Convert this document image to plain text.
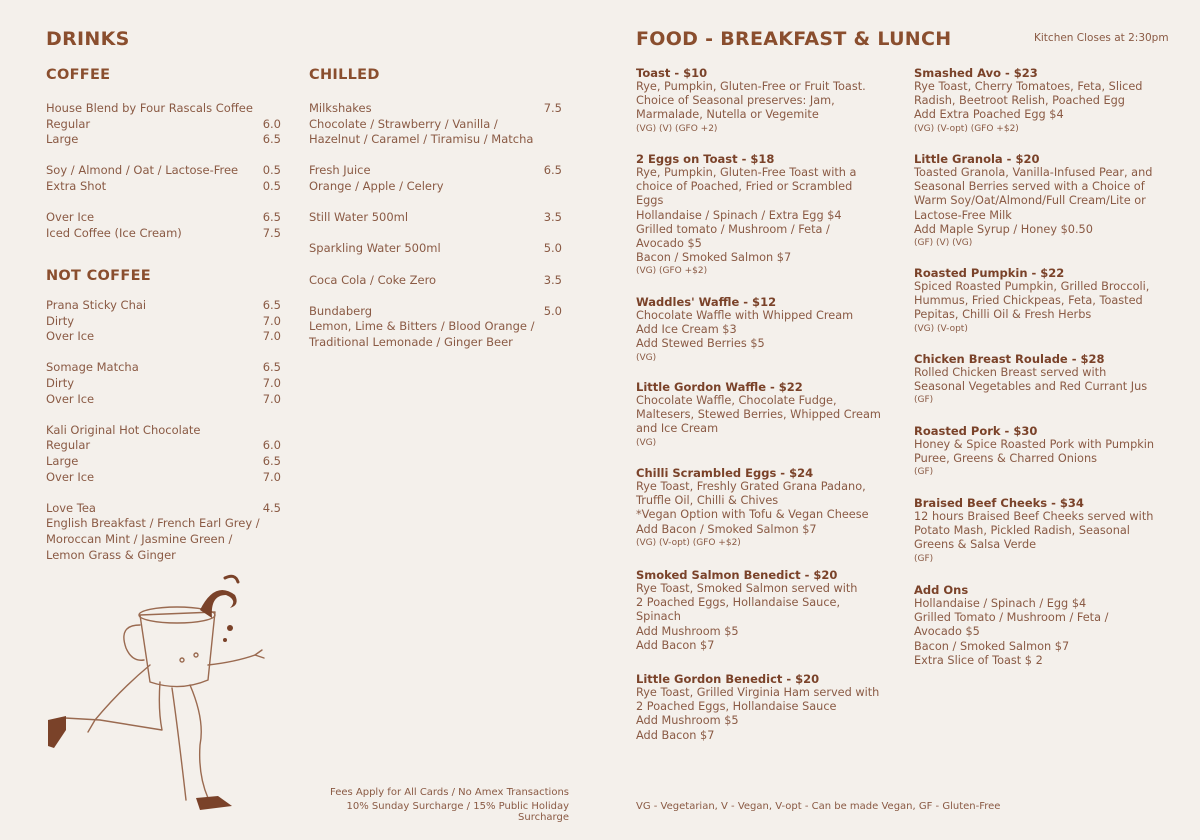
DRINKS
COFFEE
House Blend by Four Rascals Coffee
Regular	6.0
Large	6.5
Soy / Almond / Oat / Lactose-Free 0.5
Extra Shot	0.5
Over Ice	6.5
Iced Coffee (Ice Cream)	7.5
NOT COFFEE
Prana Sticky Chai	6.5
Dirty	7.0
Over Ice	7.0
Somage Matcha	6.5
Dirty	7.0
Over Ice	7.0
Kali Original Hot Chocolate
Regular	6.0
Large	6.5
Over Ice	7.0
Love Tea	4.5
English Breakfast / French Earl Grey /
Moroccan Mint / Jasmine Green /
Lemon Grass & Ginger
CHILLED
Milkshakes	7.5
Chocolate / Strawberry / Vanilla /
Hazelnut / Caramel / Tiramisu / Matcha
Fresh Juice	6.5
Orange / Apple / Celery
Still Water 500ml	3.5
Sparkling Water 500ml	5.0
Coca Cola / Coke Zero	3.5
Bundaberg	5.0
Lemon, Lime & Bitters / Blood Orange /
Traditional Lemonade / Ginger Beer
Fees Apply for All Cards / No Amex Transactions
10% Sunday Surcharge / 15% Public Holiday Surcharge
FOOD - BREAKFAST & LUNCH	Kitchen Closes at 2:30pm
Toast - $10
Rye, Pumpkin, Gluten-Free or Fruit Toast.
Choice of Seasonal preserves: Jam,
Marmalade, Nutella or Vegemite
(VG) (V) (GFO +2)
2 Eggs on Toast - $18
Rye, Pumpkin, Gluten-Free Toast with a
choice of Poached, Fried or Scrambled
Eggs
Hollandaise / Spinach / Extra Egg $4
Grilled tomato / Mushroom / Feta /
Avocado $5
Bacon / Smoked Salmon $7
(VG) (GFO +$2)
Waddles' Waffle - $12
Chocolate Waffle with Whipped Cream
Add Ice Cream $3
Add Stewed Berries $5
(VG)
Little Gordon Waffle - $22
Chocolate Waffle, Chocolate Fudge,
Maltesers, Stewed Berries, Whipped Cream
and Ice Cream
(VG)
Chilli Scrambled Eggs - $24
Rye Toast, Freshly Grated Grana Padano,
Truffle Oil, Chilli & Chives
*Vegan Option with Tofu & Vegan Cheese
Add Bacon / Smoked Salmon $7
(VG) (V-opt) (GFO +$2)
Smoked Salmon Benedict - $20
Rye Toast, Smoked Salmon served with
2 Poached Eggs, Hollandaise Sauce,
Spinach
Add Mushroom $5
Add Bacon $7
Little Gordon Benedict - $20
Rye Toast, Grilled Virginia Ham served with
2 Poached Eggs, Hollandaise Sauce
Add Mushroom $5
Add Bacon $7
Smashed Avo - $23
Rye Toast, Cherry Tomatoes, Feta, Sliced
Radish, Beetroot Relish, Poached Egg
Add Extra Poached Egg $4
(VG) (V-opt) (GFO +$2)
Little Granola - $20
Toasted Granola, Vanilla-Infused Pear, and
Seasonal Berries served with a Choice of
Warm Soy/Oat/Almond/Full Cream/Lite or
Lactose-Free Milk
Add Maple Syrup / Honey $0.50
(GF) (V) (VG)
Roasted Pumpkin - $22
Spiced Roasted Pumpkin, Grilled Broccoli,
Hummus, Fried Chickpeas, Feta, Toasted
Pepitas, Chilli Oil & Fresh Herbs
(VG) (V-opt)
Chicken Breast Roulade - $28
Rolled Chicken Breast served with
Seasonal Vegetables and Red Currant Jus
(GF)
Roasted Pork - $30
Honey & Spice Roasted Pork with Pumpkin
Puree, Greens & Charred Onions
(GF)
Braised Beef Cheeks - $34
12 hours Braised Beef Cheeks served with
Potato Mash, Pickled Radish, Seasonal
Greens & Salsa Verde
(GF)
Add Ons
Hollandaise / Spinach / Egg $4
Grilled Tomato / Mushroom / Feta /
Avocado $5
Bacon / Smoked Salmon $7
Extra Slice of Toast $ 2
VG - Vegetarian, V - Vegan, V-opt - Can be made Vegan, GF - Gluten-Free
